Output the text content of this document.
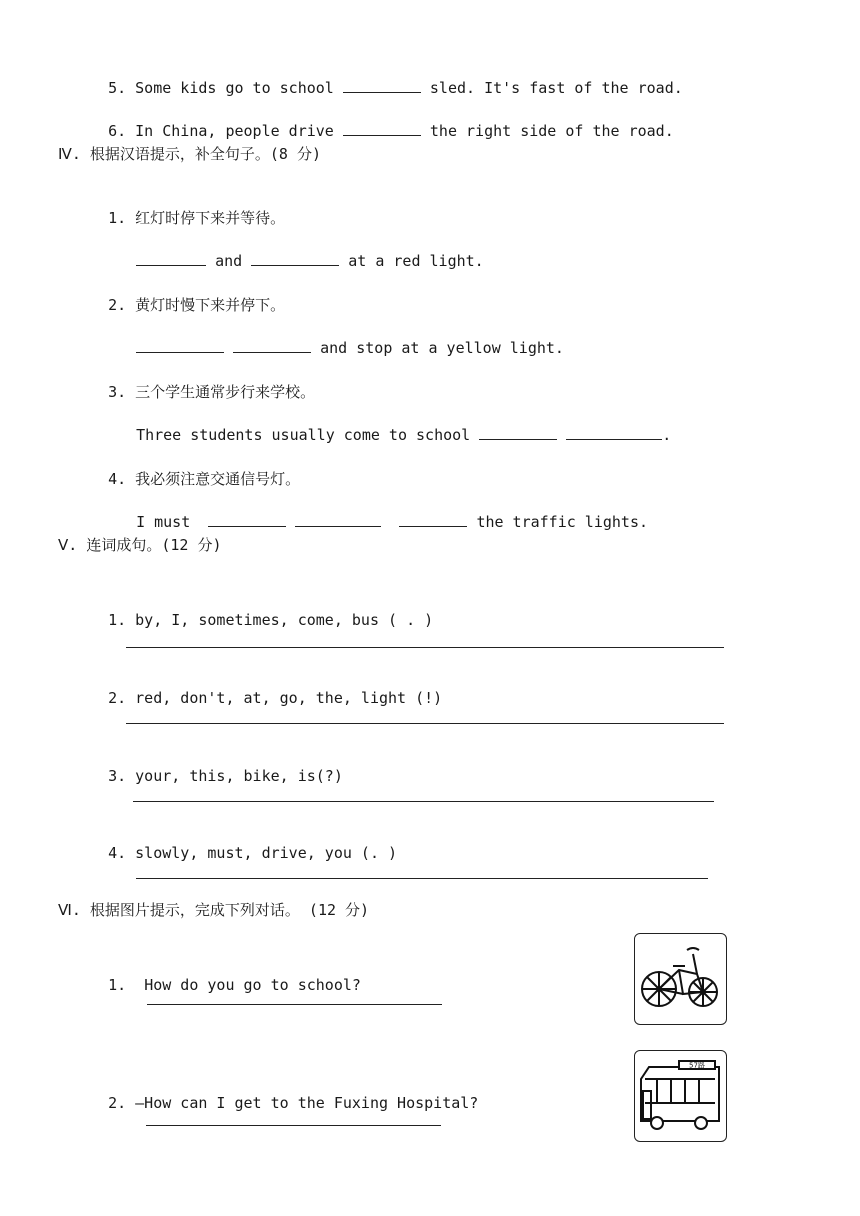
5. Some kids go to school	sled. It's fast of the road.

6. In China, people drive	the right side of the road.

Ⅳ. 根据汉语提示，补全句子。(8 分)

1. 红灯时停下来并等待。

and	at a red light.

2. 黄灯时慢下来并停下。

and stop at a yellow light.

3. 三个学生通常步行来学校。

Three students usually come to school	.

4. 我必须注意交通信号灯。

I must	the traffic lights.

Ⅴ. 连词成句。(12 分)

1. by, I, sometimes, come, bus ( . )

2. red, don't, at, go, the, light (!)

3. your, this, bike, is(?)

4. slowly, must, drive, you (. )

Ⅵ. 根据图片提示，完成下列对话。 (12 分)

1. How do you go to school?

2. —How can I get to the Fuxing Hospital?

57路
